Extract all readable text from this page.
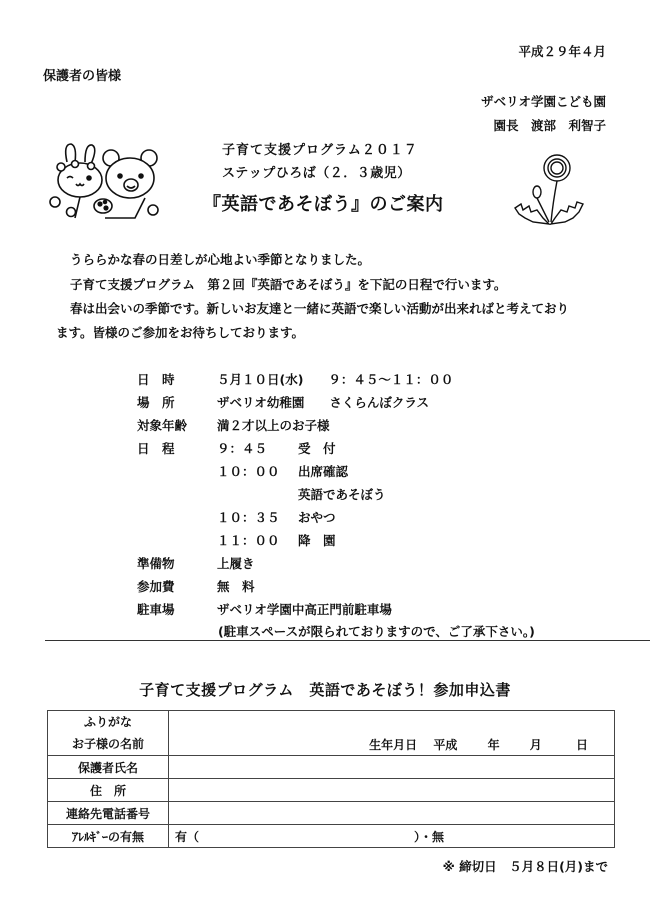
平成２９年４月
保護者の皆様
ザベリオ学園こども園
園長　渡部　利智子
子育て支援プログラム２０１７
ステップひろば（２．３歳児）
『英語であそぼう』のご案内

うららかな春の日差しが心地よい季節となりました。

子育て支援プログラム　第２回『英語であそぼう』を下記の日程で行います。

春は出会いの季節です。新しいお友達と一緒に英語で楽しい活動が出来ればと考えており

ます。皆様のご参加をお待ちしております。

日　時	５月１０日(水)　　９：４５～１１：００
場　所	ザベリオ幼稚園　　さくらんぼクラス
対象年齢 満２才以上のお子様
日　程	９：４５ 受　付
１０：００ 出席確認
英語であそぼう
１０：３５ おやつ
１１：００ 降　園
準備物	上履き
参加費	無　料
駐車場	ザベリオ学園中高正門前駐車場
(駐車スペースが限られておりますので、ご了承下さい。)
子育て支援プログラム　英語であそぼう！参加申込書
ふりがな
お子様の名前	生年月日 平成 年 月 日

保護者氏名	
住　所	
連絡先電話番号	
ｱﾚﾙｷﾞｰの有無	有（ ）・無
※ 締切日　５月８日(月)まで
